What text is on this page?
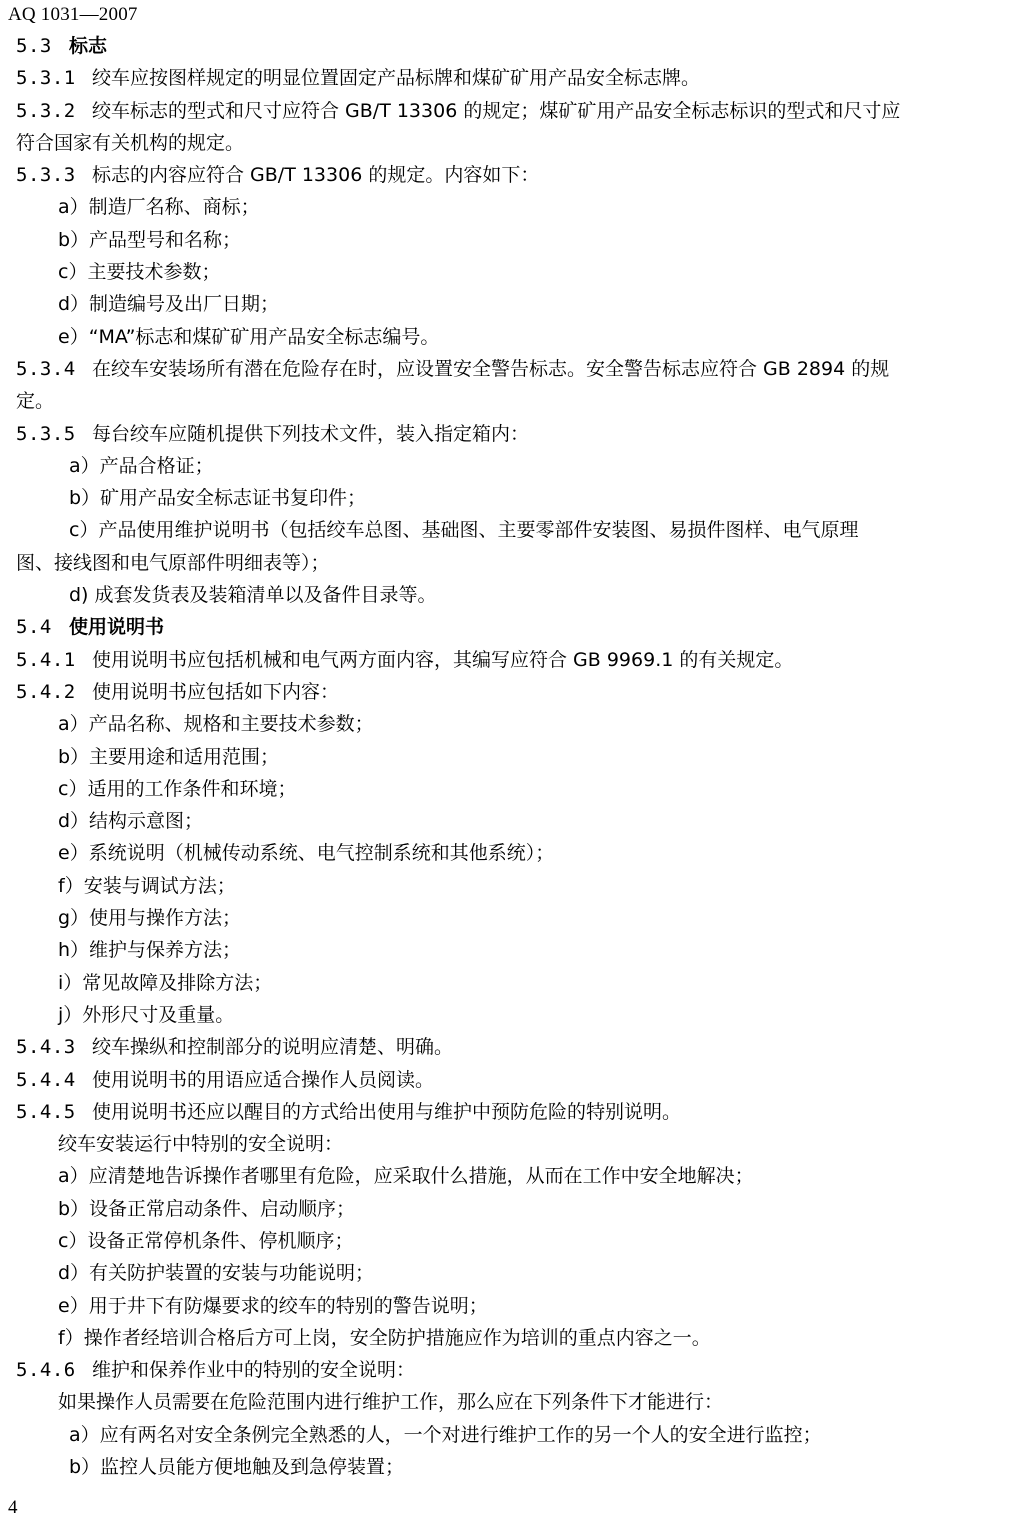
AQ 1031—2007
5.3 标志
5.3.1 绞车应按图样规定的明显位置固定产品标牌和煤矿矿用产品安全标志牌。
5.3.2 绞车标志的型式和尺寸应符合 GB/T 13306 的规定；煤矿矿用产品安全标志标识的型式和尺寸应
符合国家有关机构的规定。
5.3.3 标志的内容应符合 GB/T 13306 的规定。内容如下：
a）制造厂名称、商标；
b）产品型号和名称；
c）主要技术参数；
d）制造编号及出厂日期；
e）“MA”标志和煤矿矿用产品安全标志编号。
5.3.4 在绞车安装场所有潜在危险存在时，应设置安全警告标志。安全警告标志应符合 GB 2894 的规
定。
5.3.5 每台绞车应随机提供下列技术文件，装入指定箱内：
a）产品合格证；
b）矿用产品安全标志证书复印件；
c）产品使用维护说明书（包括绞车总图、基础图、主要零部件安装图、易损件图样、电气原理
图、接线图和电气原部件明细表等）；
d) 成套发货表及装箱清单以及备件目录等。
5.4 使用说明书
5.4.1 使用说明书应包括机械和电气两方面内容，其编写应符合 GB 9969.1 的有关规定。
5.4.2 使用说明书应包括如下内容：
a）产品名称、规格和主要技术参数；
b）主要用途和适用范围；
c）适用的工作条件和环境；
d）结构示意图；
e）系统说明（机械传动系统、电气控制系统和其他系统）；
f）安装与调试方法；
g）使用与操作方法；
h）维护与保养方法；
i）常见故障及排除方法；
j）外形尺寸及重量。
5.4.3 绞车操纵和控制部分的说明应清楚、明确。
5.4.4 使用说明书的用语应适合操作人员阅读。
5.4.5 使用说明书还应以醒目的方式给出使用与维护中预防危险的特别说明。
绞车安装运行中特别的安全说明：
a）应清楚地告诉操作者哪里有危险，应采取什么措施，从而在工作中安全地解决；
b）设备正常启动条件、启动顺序；
c）设备正常停机条件、停机顺序；
d）有关防护装置的安装与功能说明；
e）用于井下有防爆要求的绞车的特别的警告说明；
f）操作者经培训合格后方可上岗，安全防护措施应作为培训的重点内容之一。
5.4.6 维护和保养作业中的特别的安全说明：
如果操作人员需要在危险范围内进行维护工作，那么应在下列条件下才能进行：
a）应有两名对安全条例完全熟悉的人，一个对进行维护工作的另一个人的安全进行监控；
b）监控人员能方便地触及到急停装置；
4
